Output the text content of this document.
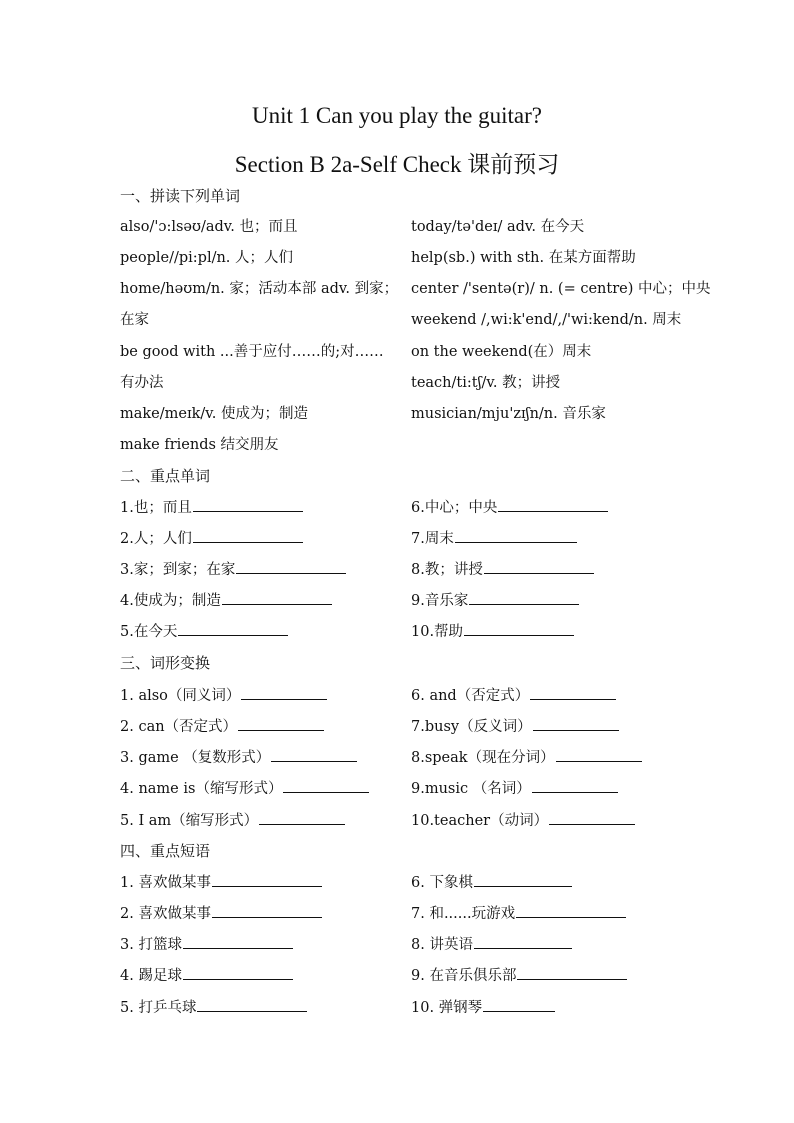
Unit 1 Can you play the guitar?
Section B 2a-Self Check 课前预习
一、拼读下列单词
also/'ɔ:lsəʊ/adv. 也；而且
people//pi:pl/n. 人；人们
home/həʊm/n. 家；活动本部 adv. 到家；
在家
be good with ...善于应付……的;对……
有办法
make/meɪk/v. 使成为；制造
make friends 结交朋友
today/tə'deɪ/ adv. 在今天
help(sb.) with sth. 在某方面帮助
center /'sentə(r)/ n. (= centre) 中心；中央
weekend /,wi:k'end/,/'wi:kend/n. 周末
on the weekend(在）周末
teach/ti:tʃ/v. 教；讲授
musician/mju'zɪʃn/n. 音乐家
二、重点单词
1.也；而且
2.人；人们
3.家；到家；在家
4.使成为；制造
5.在今天
6.中心；中央
7.周末
8.教；讲授
9.音乐家
10.帮助
三、词形变换
1. also（同义词）
2. can（否定式）
3. game （复数形式）
4. name is（缩写形式）
5. I am（缩写形式）
6. and（否定式）
7.busy（反义词）
8.speak（现在分词）
9.music （名词）
10.teacher（动词）
四、重点短语
1. 喜欢做某事
2. 喜欢做某事
3. 打篮球
4. 踢足球
5. 打乒乓球
6. 下象棋
7. 和......玩游戏
8. 讲英语
9. 在音乐俱乐部
10. 弹钢琴
